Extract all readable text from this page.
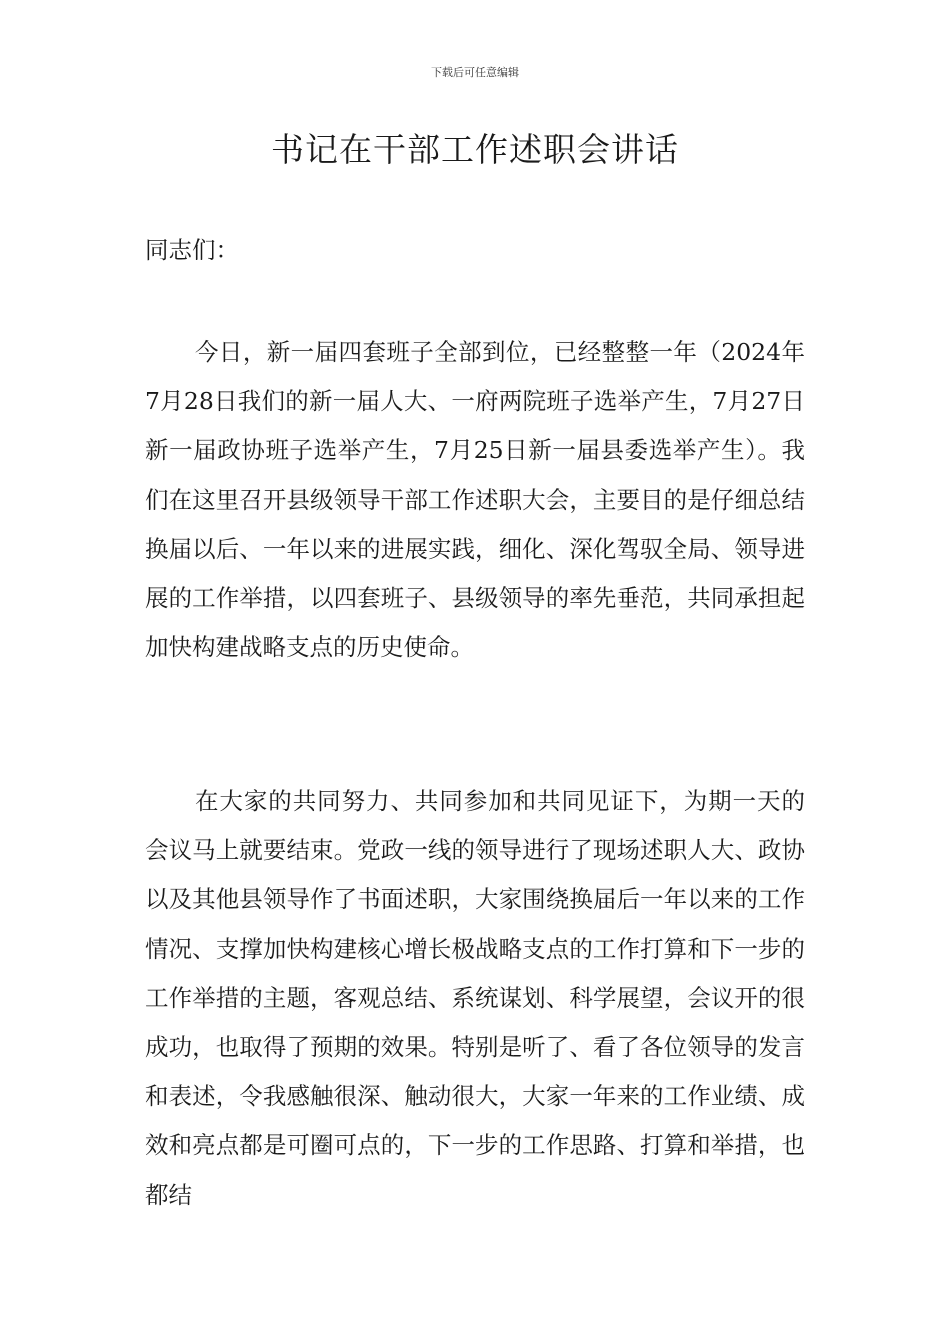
下载后可任意编辑
书记在干部工作述职会讲话

同志们：

今日，新一届四套班子全部到位，已经整整一年（2024年7月28日我们的新一届人大、一府两院班子选举产生，7月27日新一届政协班子选举产生，7月25日新一届县委选举产生）。我们在这里召开县级领导干部工作述职大会，主要目的是仔细总结换届以后、一年以来的进展实践，细化、深化驾驭全局、领导进展的工作举措，以四套班子、县级领导的率先垂范，共同承担起加快构建战略支点的历史使命。

在大家的共同努力、共同参加和共同见证下，为期一天的会议马上就要结束。党政一线的领导进行了现场述职人大、政协以及其他县领导作了书面述职，大家围绕换届后一年以来的工作情况、支撑加快构建核心增长极战略支点的工作打算和下一步的工作举措的主题，客观总结、系统谋划、科学展望，会议开的很成功，也取得了预期的效果。特别是听了、看了各位领导的发言和表述，令我感触很深、触动很大，大家一年来的工作业绩、成效和亮点都是可圈可点的，下一步的工作思路、打算和举措，也都结
